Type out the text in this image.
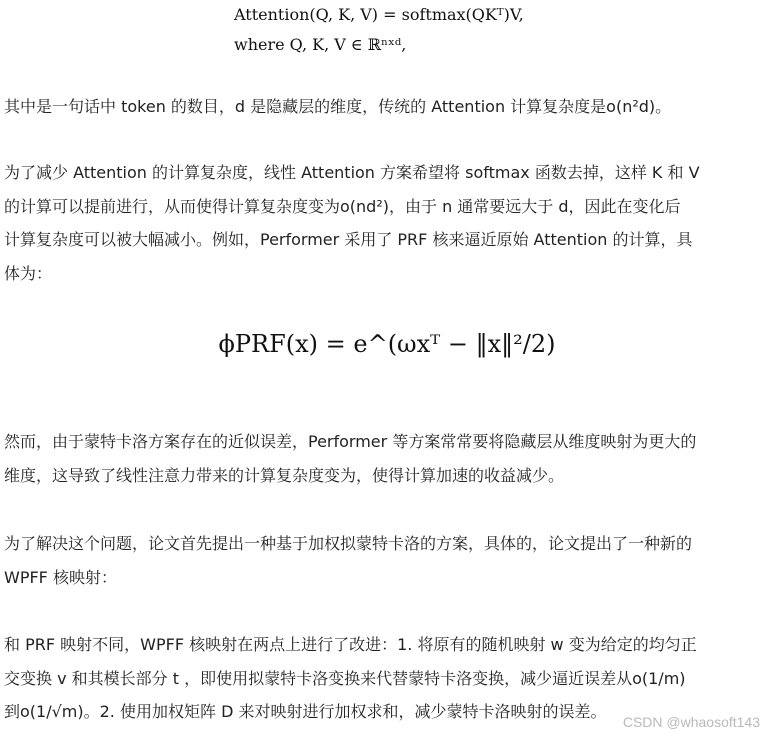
Attention(Q, K, V) = softmax(QKᵀ)V,
where Q, K, V ∈ ℝⁿˣᵈ,
其中是一句话中 token 的数目，d 是隐藏层的维度，传统的 Attention 计算复杂度是o(n²d)。
为了减少 Attention 的计算复杂度，线性 Attention 方案希望将 softmax 函数去掉，这样 K 和 V
的计算可以提前进行，从而使得计算复杂度变为o(nd²)，由于 n 通常要远大于 d，因此在变化后
计算复杂度可以被大幅减小。例如，Performer 采用了 PRF 核来逼近原始 Attention 的计算，具
体为：
ϕPRF(x) = e^(ωxᵀ − ‖x‖²/2)
然而，由于蒙特卡洛方案存在的近似误差，Performer 等方案常常要将隐藏层从维度映射为更大的
维度，这导致了线性注意力带来的计算复杂度变为，使得计算加速的收益减少。
为了解决这个问题，论文首先提出一种基于加权拟蒙特卡洛的方案，具体的，论文提出了一种新的
WPFF 核映射：
和 PRF 映射不同，WPFF 核映射在两点上进行了改进：1. 将原有的随机映射 w 变为给定的均匀正
交变换 v 和其模长部分 t ，即使用拟蒙特卡洛变换来代替蒙特卡洛变换，减少逼近误差从o(1/m)
到o(1/√m)。2. 使用加权矩阵 D 来对映射进行加权求和，减少蒙特卡洛映射的误差。
CSDN @whaosoft143
